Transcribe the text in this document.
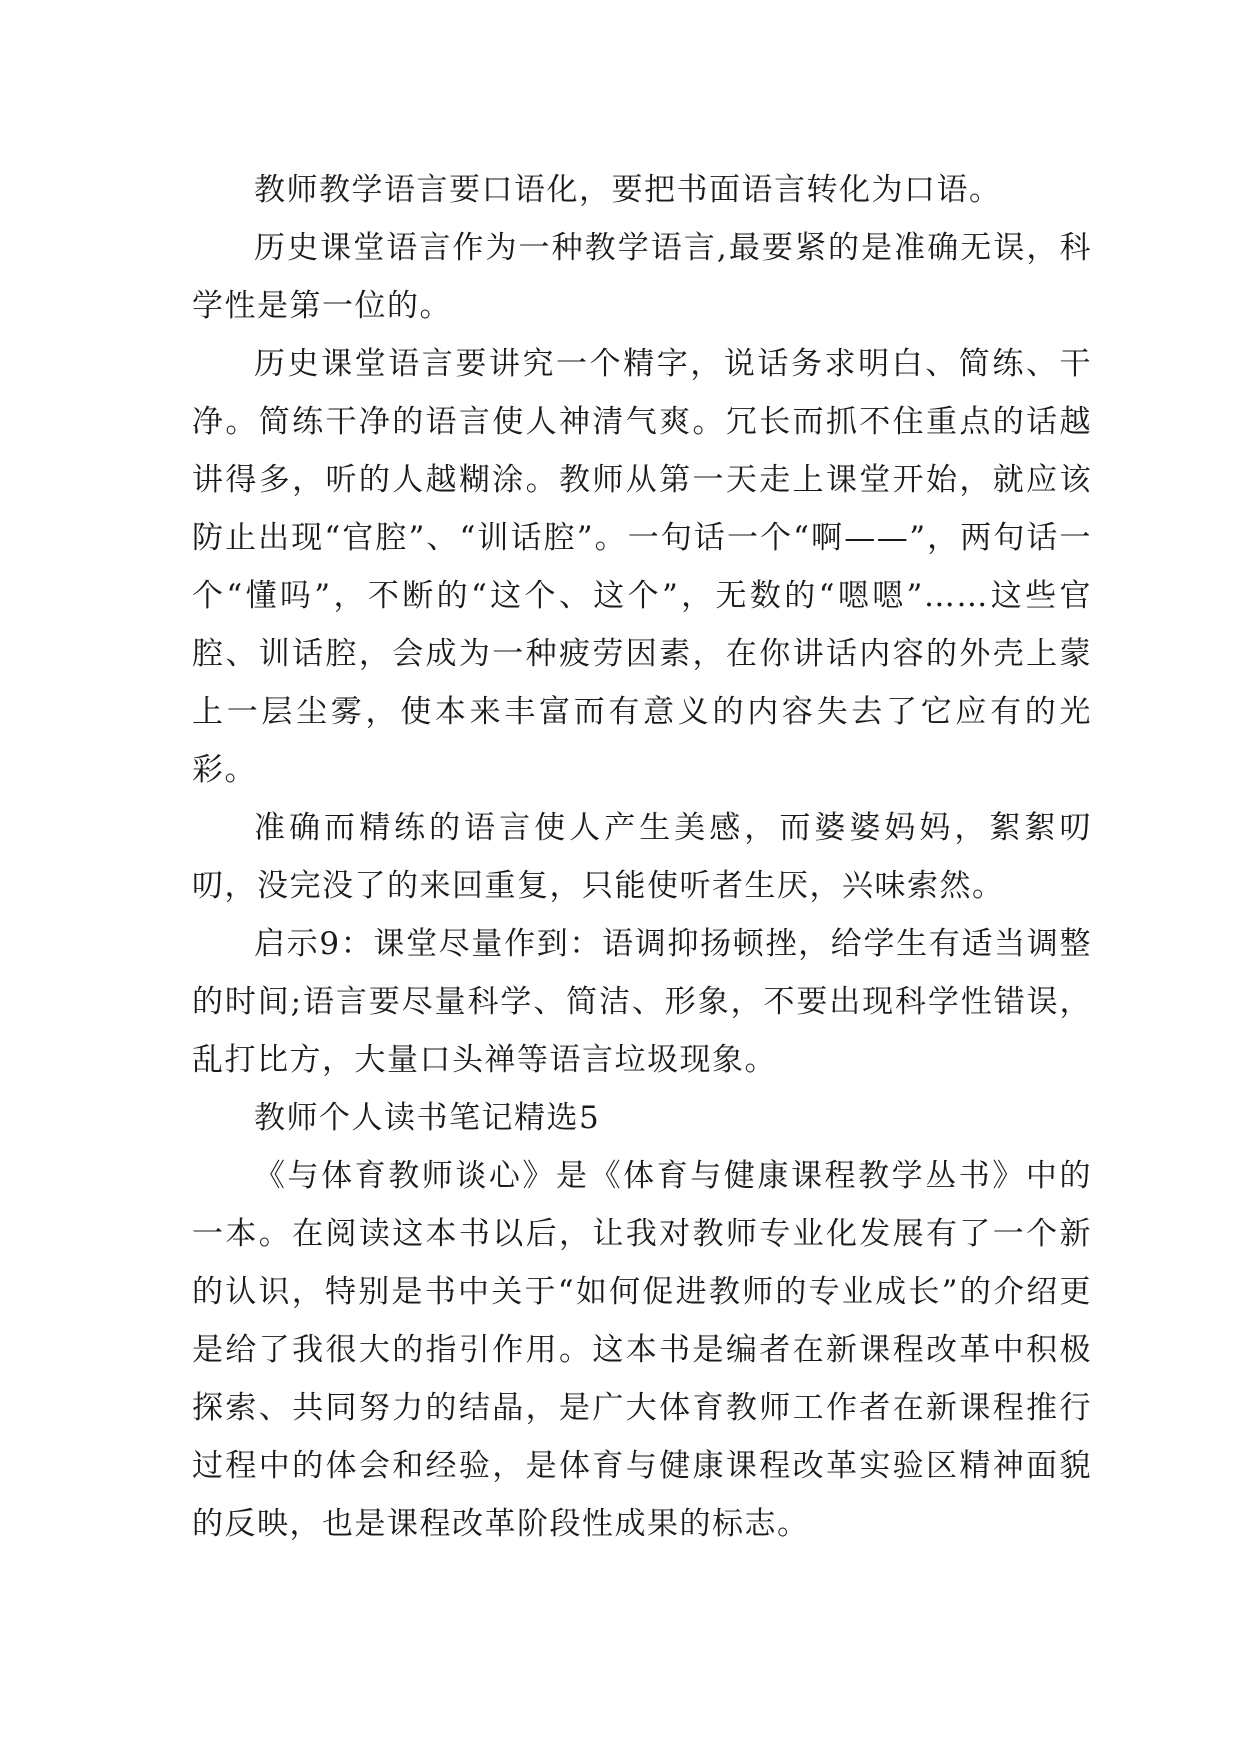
教师教学语言要口语化，要把书面语言转化为口语。

历史课堂语言作为一种教学语言,最要紧的是准确无误，科学性是第一位的。

历史课堂语言要讲究一个精字，说话务求明白、简练、干净。简练干净的语言使人神清气爽。冗长而抓不住重点的话越讲得多，听的人越糊涂。教师从第一天走上课堂开始，就应该防止出现“官腔”、“训话腔”。一句话一个“啊——”，两句话一个“懂吗”，不断的“这个、这个”，无数的“嗯嗯”……这些官腔、训话腔，会成为一种疲劳因素，在你讲话内容的外壳上蒙上一层尘雾，使本来丰富而有意义的内容失去了它应有的光彩。

准确而精练的语言使人产生美感，而婆婆妈妈，絮絮叨叨，没完没了的来回重复，只能使听者生厌，兴味索然。

启示9：课堂尽量作到：语调抑扬顿挫，给学生有适当调整的时间;语言要尽量科学、简洁、形象，不要出现科学性错误，乱打比方，大量口头禅等语言垃圾现象。

教师个人读书笔记精选5

《与体育教师谈心》是《体育与健康课程教学丛书》中的一本。在阅读这本书以后，让我对教师专业化发展有了一个新的认识，特别是书中关于“如何促进教师的专业成长”的介绍更是给了我很大的指引作用。这本书是编者在新课程改革中积极探索、共同努力的结晶，是广大体育教师工作者在新课程推行过程中的体会和经验，是体育与健康课程改革实验区精神面貌的反映，也是课程改革阶段性成果的标志。
